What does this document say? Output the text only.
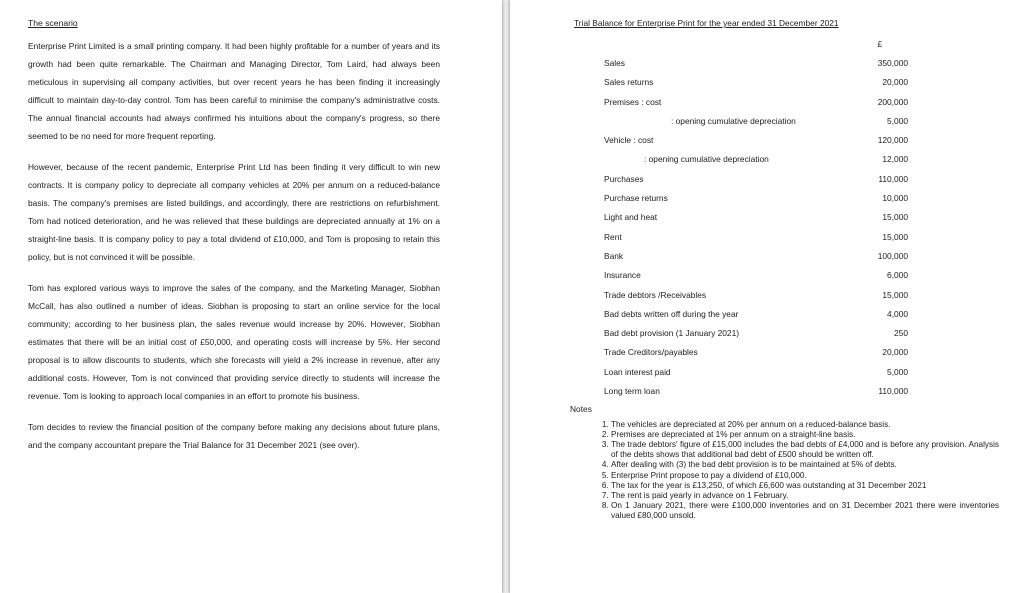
The scenario

Enterprise Print Limited is a small printing company. It had been highly profitable for a number of years and its growth had been quite remarkable. The Chairman and Managing Director, Tom Laird, had always been meticulous in supervising all company activities, but over recent years he has been finding it increasingly difficult to maintain day-to-day control. Tom has been careful to minimise the company's administrative costs. The annual financial accounts had always confirmed his intuitions about the company's progress, so there seemed to be no need for more frequent reporting.

However, because of the recent pandemic, Enterprise Print Ltd has been finding it very difficult to win new contracts. It is company policy to depreciate all company vehicles at 20% per annum on a reduced-balance basis. The company's premises are listed buildings, and accordingly, there are restrictions on refurbishment. Tom had noticed deterioration, and he was relieved that these buildings are depreciated annually at 1% on a straight-line basis. It is company policy to pay a total dividend of £10,000, and Tom is proposing to retain this policy, but is not convinced it will be possible.

Tom has explored various ways to improve the sales of the company, and the Marketing Manager, Siobhan McCall, has also outlined a number of ideas. Siobhan is proposing to start an online service for the local community; according to her business plan, the sales revenue would increase by 20%. However, Siobhan estimates that there will be an initial cost of £50,000, and operating costs will increase by 5%. Her second proposal is to allow discounts to students, which she forecasts will yield a 2% increase in revenue, after any additional costs. However, Tom is not convinced that providing service directly to students will increase the revenue. Tom is looking to approach local companies in an effort to promote his business.

Tom decides to review the financial position of the company before making any decisions about future plans, and the company accountant prepare the Trial Balance for 31 December 2021 (see over).

Trial Balance for Enterprise Print for the year ended 31 December 2021
	£
Sales	350,000
Sales returns	20,000
Premises : cost	200,000
: opening cumulative depreciation	5,000
Vehicle : cost	120,000
: opening cumulative depreciation	12,000
Purchases	110,000
Purchase returns	10,000
Light and heat	15,000
Rent	15,000
Bank	100,000
Insurance	6,000
Trade debtors /Receivables	15,000
Bad debts written off during the year	4,000
Bad debt provision (1 January 2021)	250
Trade Creditors/payables	20,000
Loan interest paid	5,000
Long term loan	110,000
Notes
1. The vehicles are depreciated at 20% per annum on a reduced-balance basis.
2. Premises are depreciated at 1% per annum on a straight-line basis.
3. The trade debtors' figure of £15,000 includes the bad debts of £4,000 and is before any provision. Analysis of the debts shows that additional bad debt of £500 should be written off.
4. After dealing with (3) the bad debt provision is to be maintained at 5% of debts.
5. Enterprise Print propose to pay a dividend of £10,000.
6. The tax for the year is £13,250, of which £6,600 was outstanding at 31 December 2021
7. The rent is paid yearly in advance on 1 February.
8. On 1 January 2021, there were £100,000 inventories and on 31 December 2021 there were inventories valued £80,000 unsold.
